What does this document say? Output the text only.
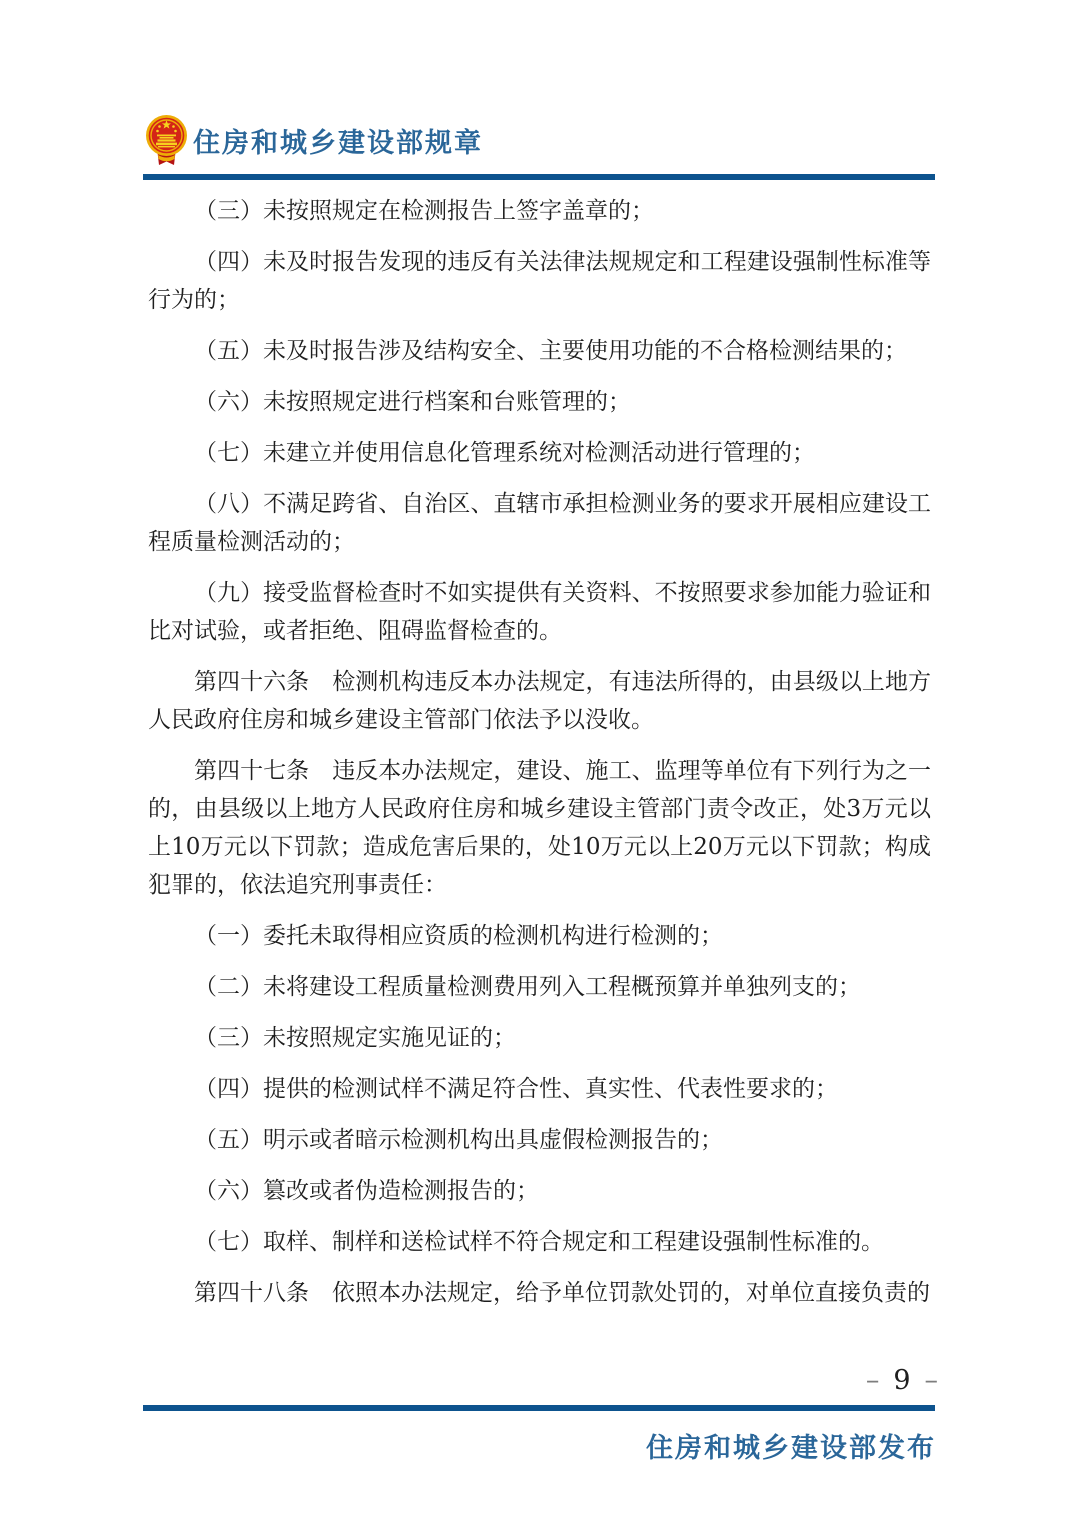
住房和城乡建设部规章

（三）未按照规定在检测报告上签字盖章的；

（四）未及时报告发现的违反有关法律法规规定和工程建设强制性标准等行为的；

（五）未及时报告涉及结构安全、主要使用功能的不合格检测结果的；

（六）未按照规定进行档案和台账管理的；

（七）未建立并使用信息化管理系统对检测活动进行管理的；

（八）不满足跨省、自治区、直辖市承担检测业务的要求开展相应建设工程质量检测活动的；

（九）接受监督检查时不如实提供有关资料、不按照要求参加能力验证和比对试验，或者拒绝、阻碍监督检查的。

第四十六条　检测机构违反本办法规定，有违法所得的，由县级以上地方人民政府住房和城乡建设主管部门依法予以没收。

第四十七条　违反本办法规定，建设、施工、监理等单位有下列行为之一的，由县级以上地方人民政府住房和城乡建设主管部门责令改正，处3万元以上10万元以下罚款；造成危害后果的，处10万元以上20万元以下罚款；构成犯罪的，依法追究刑事责任：

（一）委托未取得相应资质的检测机构进行检测的；

（二）未将建设工程质量检测费用列入工程概预算并单独列支的；

（三）未按照规定实施见证的；

（四）提供的检测试样不满足符合性、真实性、代表性要求的；

（五）明示或者暗示检测机构出具虚假检测报告的；

（六）篡改或者伪造检测报告的；

（七）取样、制样和送检试样不符合规定和工程建设强制性标准的。

第四十八条　依照本办法规定，给予单位罚款处罚的，对单位直接负责的

– 9 –
住房和城乡建设部发布
